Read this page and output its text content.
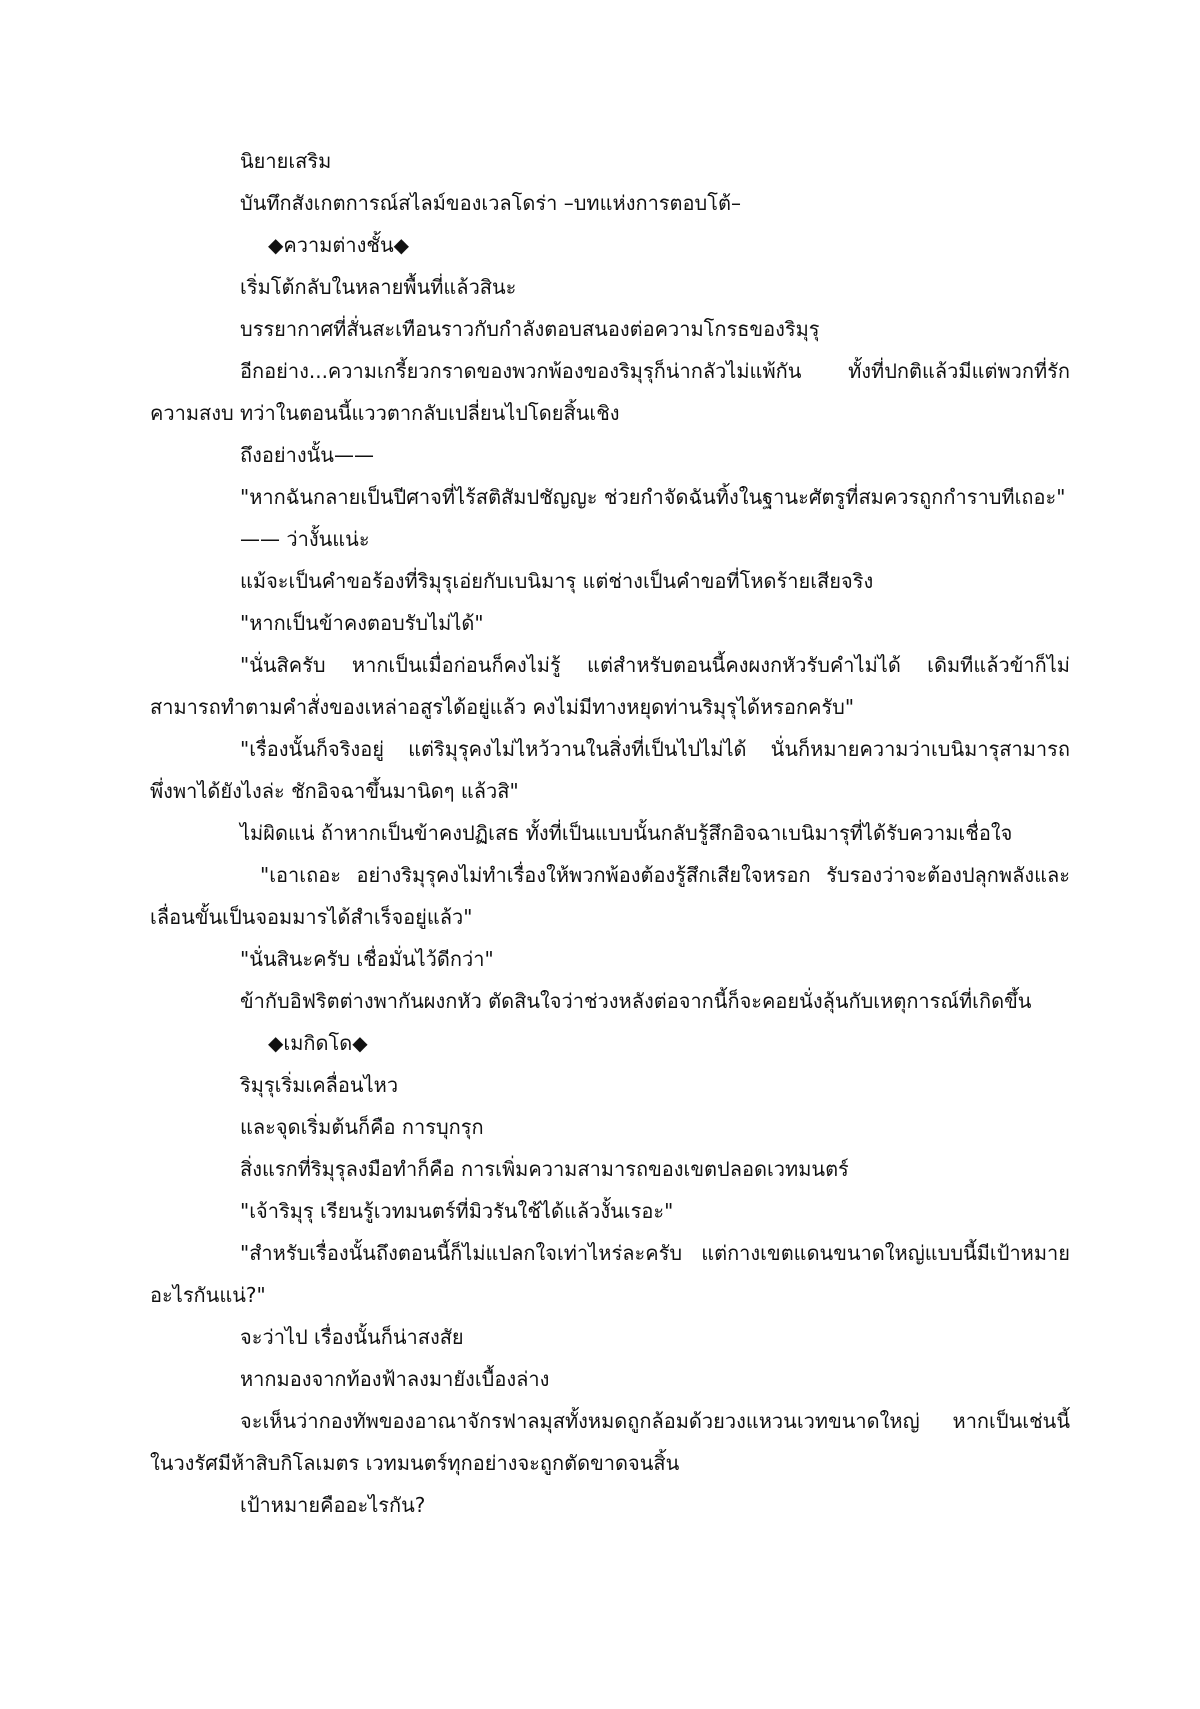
นิยายเสริม

บันทึกสังเกตการณ์สไลม์ของเวลโดร่า –บทแห่งการตอบโต้–

◆ความต่างชั้น◆

เริ่มโต้กลับในหลายพื้นที่แล้วสินะ

บรรยากาศที่สั่นสะเทือนราวกับกำลังตอบสนองต่อความโกรธของริมุรุ

อีกอย่าง...ความเกรี้ยวกราดของพวกพ้องของริมุรุก็น่ากลัวไม่แพ้กัน ทั้งที่ปกติแล้วมีแต่พวกที่รักความสงบ ทว่าในตอนนี้แววตากลับเปลี่ยนไปโดยสิ้นเชิง

ถึงอย่างนั้น——

"หากฉันกลายเป็นปีศาจที่ไร้สติสัมปชัญญะ ช่วยกำจัดฉันทิ้งในฐานะศัตรูที่สมควรถูกกำราบทีเถอะ"

—— ว่างั้นแน่ะ

แม้จะเป็นคำขอร้องที่ริมุรุเอ่ยกับเบนิมารุ แต่ช่างเป็นคำขอที่โหดร้ายเสียจริง

"หากเป็นข้าคงตอบรับไม่ได้"

"นั่นสิครับ หากเป็นเมื่อก่อนก็คงไม่รู้ แต่สำหรับตอนนี้คงผงกหัวรับคำไม่ได้ เดิมทีแล้วข้าก็ไม่สามารถทำตามคำสั่งของเหล่าอสูรได้อยู่แล้ว คงไม่มีทางหยุดท่านริมุรุได้หรอกครับ"

"เรื่องนั้นก็จริงอยู่ แต่ริมุรุคงไม่ไหว้วานในสิ่งที่เป็นไปไม่ได้ นั่นก็หมายความว่าเบนิมารุสามารถพึ่งพาได้ยังไงล่ะ ชักอิจฉาขึ้นมานิดๆ แล้วสิ"

ไม่ผิดแน่ ถ้าหากเป็นข้าคงปฏิเสธ ทั้งที่เป็นแบบนั้นกลับรู้สึกอิจฉาเบนิมารุที่ได้รับความเชื่อใจ

"เอาเถอะ อย่างริมุรุคงไม่ทำเรื่องให้พวกพ้องต้องรู้สึกเสียใจหรอก รับรองว่าจะต้องปลุกพลังและเลื่อนขั้นเป็นจอมมารได้สำเร็จอยู่แล้ว"

"นั่นสินะครับ เชื่อมั่นไว้ดีกว่า"

ข้ากับอิฟริตต่างพากันผงกหัว ตัดสินใจว่าช่วงหลังต่อจากนี้ก็จะคอยนั่งลุ้นกับเหตุการณ์ที่เกิดขึ้น

◆เมกิดโด◆

ริมุรุเริ่มเคลื่อนไหว

และจุดเริ่มต้นก็คือ การบุกรุก

สิ่งแรกที่ริมุรุลงมือทำก็คือ การเพิ่มความสามารถของเขตปลอดเวทมนตร์

"เจ้าริมุรุ เรียนรู้เวทมนตร์ที่มิวรันใช้ได้แล้วงั้นเรอะ"

"สำหรับเรื่องนั้นถึงตอนนี้ก็ไม่แปลกใจเท่าไหร่ละครับ แต่กางเขตแดนขนาดใหญ่แบบนี้มีเป้าหมายอะไรกันแน่?"

จะว่าไป เรื่องนั้นก็น่าสงสัย

หากมองจากท้องฟ้าลงมายังเบื้องล่าง

จะเห็นว่ากองทัพของอาณาจักรฟาลมุสทั้งหมดถูกล้อมด้วยวงแหวนเวทขนาดใหญ่ หากเป็นเช่นนี้ ในวงรัศมีห้าสิบกิโลเมตร เวทมนตร์ทุกอย่างจะถูกตัดขาดจนสิ้น

เป้าหมายคืออะไรกัน?
